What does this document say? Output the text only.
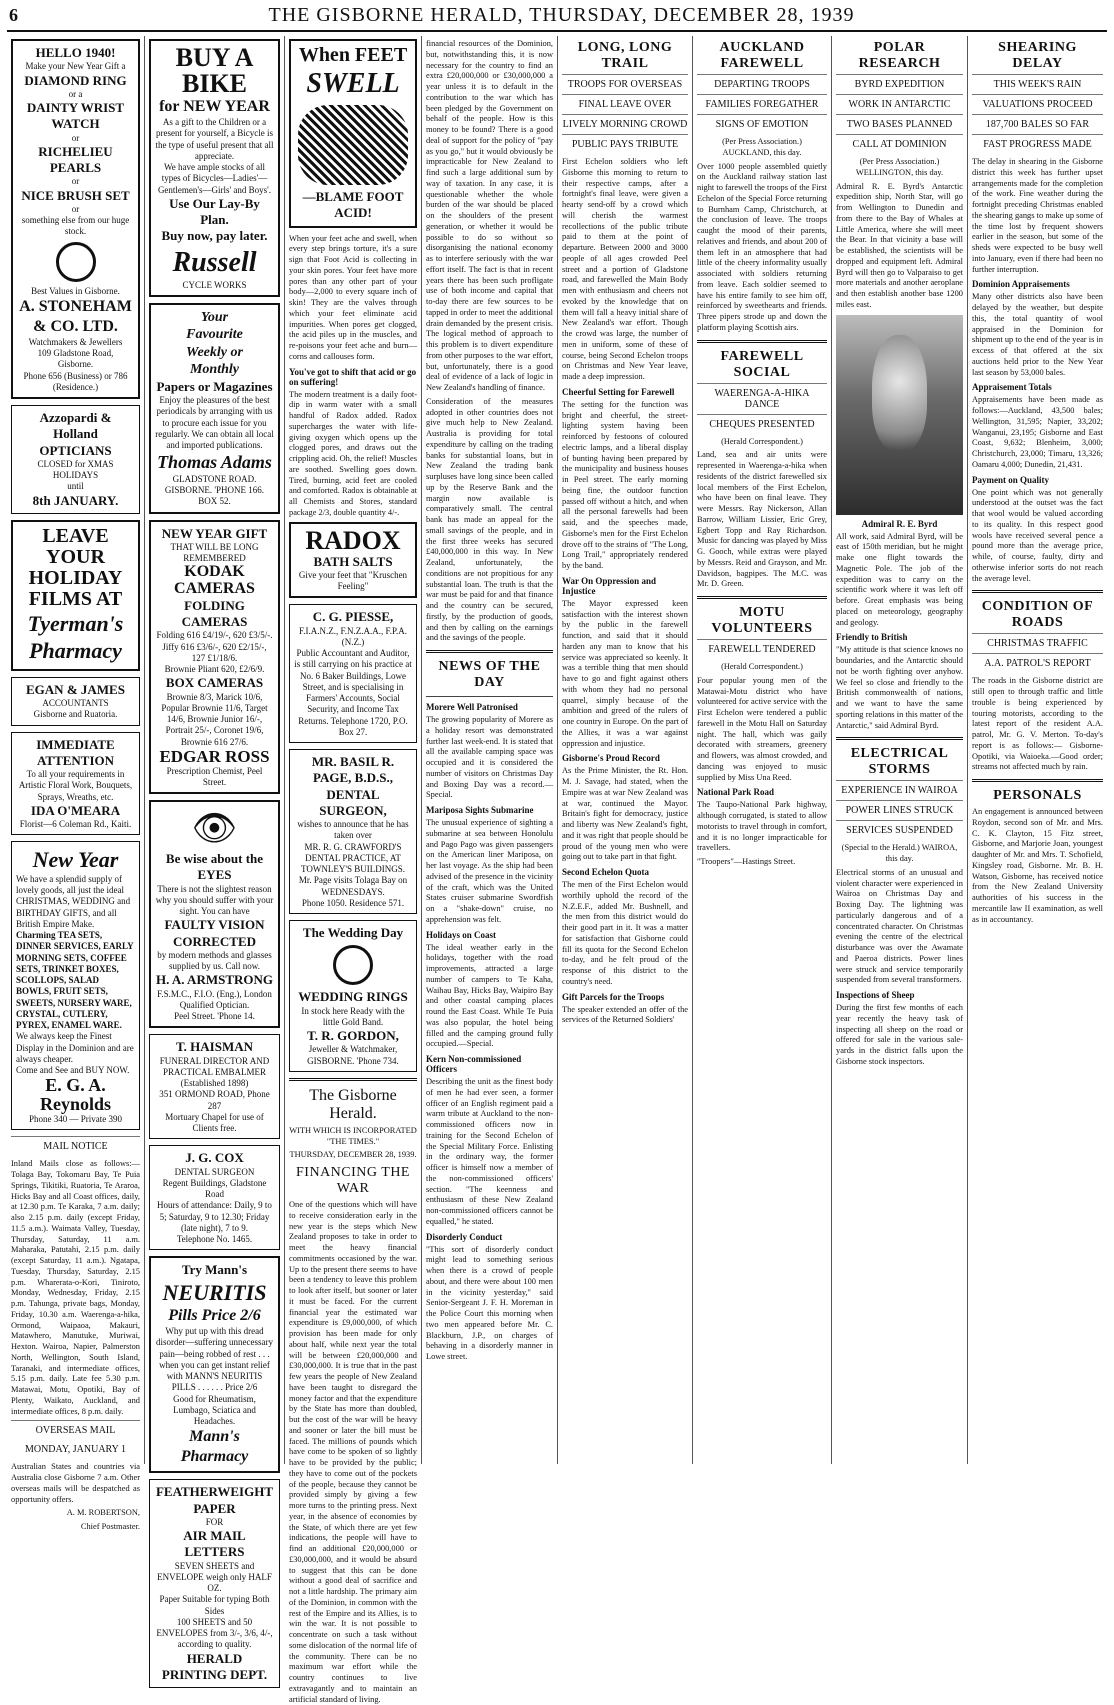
6	THE GISBORNE HERALD, THURSDAY, DECEMBER 28, 1939
HELLO 1940!
Make your New Year Gift a
DIAMOND RING
or a
DAINTY WRIST WATCH
or
RICHELIEU PEARLS
or
NICE BRUSH SET
or
something else from our huge stock.
Best Values in Gisborne.
A. STONEHAM & CO. LTD.
Watchmakers & Jewellers
109 Gladstone Road,
Gisborne.
Phone 656 (Business) or 786 (Residence.)
Azzopardi & Holland
OPTICIANS
CLOSED for XMAS HOLIDAYS
until
8th JANUARY.
LEAVE
YOUR
HOLIDAY
FILMS AT
Tyerman's
Pharmacy
EGAN & JAMES
ACCOUNTANTS
Gisborne and Ruatoria.
IMMEDIATE ATTENTION
To all your requirements in Artistic Floral Work, Bouquets, Sprays, Wreaths, etc.
IDA O'MEARA
Florist—6 Coleman Rd., Kaiti.
New Year
We have a splendid supply of lovely goods, all just the ideal CHRISTMAS, WEDDING and BIRTHDAY GIFTS, and all British Empire Make.
Charming TEA SETS, DINNER SERVICES, EARLY MORNING SETS, COFFEE SETS, TRINKET BOXES, SCOLLOPS, SALAD BOWLS, FRUIT SETS, SWEETS, NURSERY WARE, CRYSTAL, CUTLERY, PYREX, ENAMEL WARE.
We always keep the Finest Display in the Dominion and are always cheaper.
Come and See and BUY NOW.
E. G. A. Reynolds
Phone 340 — Private 390
MAIL NOTICE
Inland Mails close as follows:— Tolaga Bay, Tokomaru Bay, Te Puia Springs, Tikitiki, Ruatoria, Te Araroa, Hicks Bay and all Coast offices, daily, at 12.30 p.m. Te Karaka, 7 a.m. daily; also 2.15 p.m. daily (except Friday, 11.5 a.m.). Waimata Valley, Tuesday, Thursday, Saturday, 11 a.m. Maharaka, Patutahi, 2.15 p.m. daily (except Saturday, 11 a.m.). Ngatapa, Tuesday, Thursday, Saturday, 2.15 p.m. Wharerata-o-Kori, Tiniroto, Monday, Wednesday, Friday, 2.15 p.m. Tahunga, private bags, Monday, Friday, 10.30 a.m. Waerenga-a-hika, Ormond, Waipaoa, Makauri, Matawhero, Manutuke, Muriwai, Hexton. Wairoa, Napier, Palmerston North, Wellington, South Island, Taranaki, and intermediate offices, 5.15 p.m. daily. Late fee 5.30 p.m. Matawai, Motu, Opotiki, Bay of Plenty, Waikato, Auckland, and intermediate offices, 8 p.m. daily.
OVERSEAS MAIL
MONDAY, JANUARY 1
Australian States and countries via Australia close Gisborne 7 a.m. Other overseas mails will be despatched as opportunity offers.
A. M. ROBERTSON,
Chief Postmaster.
BUY A
BIKE
for NEW YEAR
As a gift to the Children or a present for yourself, a Bicycle is the type of useful present that all appreciate.
We have ample stocks of all types of Bicycles—Ladies'—Gentlemen's—Girls' and Boys'.
Use Our Lay-By Plan.
Buy now, pay later.
Russell
CYCLE WORKS
Your
Favourite
Weekly or
Monthly
Papers or Magazines
Enjoy the pleasures of the best periodicals by arranging with us to procure each issue for you regularly. We can obtain all local and imported publications.
Thomas Adams
GLADSTONE ROAD. GISBORNE. 'PHONE 166. BOX 52.
NEW YEAR GIFT
THAT WILL BE LONG REMEMBERED
KODAK CAMERAS
FOLDING CAMERAS
Folding 616 £4/19/-, 620 £3/5/-.
Jiffy 616 £3/6/-, 620 £2/15/-, 127 £1/18/6.
Brownie Pliant 620, £2/6/9.
BOX CAMERAS
Brownie 8/3, Marick 10/6, Popular Brownie 11/6, Target 14/6, Brownie Junior 16/-, Portrait 25/-, Coronet 19/6, Brownie 616 27/6.
EDGAR ROSS
Prescription Chemist, Peel Street.
👁
Be wise about the EYES
There is not the slightest reason why you should suffer with your sight. You can have
FAULTY VISION CORRECTED
by modern methods and glasses supplied by us. Call now.
H. A. ARMSTRONG
F.S.M.C., F.I.O. (Eng.), London Qualified Optician.
Peel Street. 'Phone 14.
T. HAISMAN
FUNERAL DIRECTOR AND PRACTICAL EMBALMER
(Established 1898)
351 ORMOND ROAD, Phone 287
Mortuary Chapel for use of Clients free.
J. G. COX
DENTAL SURGEON
Regent Buildings, Gladstone Road
Hours of attendance: Daily, 9 to 5; Saturday, 9 to 12.30; Friday (late night), 7 to 9.
Telephone No. 1465.
Try Mann's
NEURITIS
Pills Price 2/6
Why put up with this dread disorder—suffering unnecessary pain—being robbed of rest . . . when you can get instant relief with MANN'S NEURITIS PILLS . . . . . . Price 2/6
Good for Rheumatism, Lumbago, Sciatica and Headaches.
Mann's Pharmacy
FEATHERWEIGHT PAPER
FOR
AIR MAIL LETTERS
SEVEN SHEETS and ENVELOPE weigh only HALF OZ.
Paper Suitable for typing Both Sides
100 SHEETS and 50 ENVELOPES from 3/-, 3/6, 4/-, according to quality.
HERALD PRINTING DEPT.
When FEET
SWELL
—BLAME FOOT ACID!
When your feet ache and swell, when every step brings torture, it's a sure sign that Foot Acid is collecting in your skin pores. Your feet have more pores than any other part of your body—2,000 to every square inch of skin! They are the valves through which your feet eliminate acid impurities. When pores get clogged, the acid piles up in the muscles, and re-poisons your feet ache and burn—corns and callouses form.
You've got to shift that acid or go on suffering!
The modern treatment is a daily foot-dip in warm water with a small handful of Radox added. Radox supercharges the water with life-giving oxygen which opens up the clogged pores, and draws out the crippling acid. Oh, the relief! Muscles are soothed. Swelling goes down. Tired, burning, acid feet are cooled and comforted. Radox is obtainable at all Chemists and Stores, standard package 2/3, double quantity 4/-.
RADOX
BATH SALTS
Give your feet that "Kruschen Feeling"
C. G. PIESSE,
F.I.A.N.Z., F.N.Z.A.A., F.P.A. (N.Z.)
Public Accountant and Auditor, is still carrying on his practice at No. 6 Baker Buildings, Lowe Street, and is specialising in Farmers' Accounts, Social Security, and Income Tax Returns. Telephone 1720, P.O. Box 27.
MR. BASIL R. PAGE, B.D.S.,
DENTAL SURGEON,
wishes to announce that he has taken over
MR. R. G. CRAWFORD'S DENTAL PRACTICE, AT TOWNLEY'S BUILDINGS.
Mr. Page visits Tolaga Bay on WEDNESDAYS.
Phone 1050. Residence 571.
The Wedding Day
WEDDING RINGS
In stock here Ready with the little Gold Band.
T. R. GORDON,
Jeweller & Watchmaker, GISBORNE. 'Phone 734.
The Gisborne Herald.
WITH WHICH IS INCORPORATED "THE TIMES."
THURSDAY, DECEMBER 28, 1939.
FINANCING THE WAR
One of the questions which will have to receive consideration early in the new year is the steps which New Zealand proposes to take in order to meet the heavy financial commitments occasioned by the war. Up to the present there seems to have been a tendency to leave this problem to look after itself, but sooner or later it must be faced. For the current financial year the estimated war expenditure is £9,000,000, of which provision has been made for only about half, while next year the total will be between £20,000,000 and £30,000,000. It is true that in the past few years the people of New Zealand have been taught to disregard the money factor and that the expenditure by the State has more than doubled, but the cost of the war will be heavy and sooner or later the bill must be faced. The millions of pounds which have come to be spoken of so lightly have to be provided by the public; they have to come out of the pockets of the people, because they cannot be provided simply by giving a few more turns to the printing press. Next year, in the absence of economies by the State, of which there are yet few indications, the people will have to find an additional £20,000,000 or £30,000,000, and it would be absurd to suggest that this can be done without a good deal of sacrifice and not a little hardship. The primary aim of the Dominion, in common with the rest of the Empire and its Allies, is to win the war. It is not possible to concentrate on such a task without some dislocation of the normal life of the community. There can be no maximum war effort while the country continues to live extravagantly and to maintain an artificial standard of living.
financial resources of the Dominion, but, notwithstanding this, it is now necessary for the country to find an extra £20,000,000 or £30,000,000 a year unless it is to default in the contribution to the war which has been pledged by the Government on behalf of the people. How is this money to be found? There is a good deal of support for the policy of "pay as you go," but it would obviously be impracticable for New Zealand to find such a large additional sum by way of taxation. In any case, it is questionable whether the whole burden of the war should be placed on the shoulders of the present generation, or whether it would be possible to do so without so disorganising the national economy as to interfere seriously with the war effort itself. The fact is that in recent years there has been such profligate use of both income and capital that to-day there are few sources to be tapped in order to meet the additional drain demanded by the present crisis. The logical method of approach to this problem is to divert expenditure from other purposes to the war effort, but, unfortunately, there is a good deal of evidence of a lack of logic in New Zealand's handling of finance.
Consideration of the measures adopted in other countries does not give much help to New Zealand. Australia is providing for total expenditure by calling on the trading banks for substantial loans, but in New Zealand the trading bank surpluses have long since been called up by the Reserve Bank and the margin now available is comparatively small. The central bank has made an appeal for the small savings of the people, and in the first three weeks has secured £40,000,000 in this way. In New Zealand, unfortunately, the conditions are not propitious for any substantial loan. The truth is that the war must be paid for and that finance and the country can be secured, firstly, by the production of goods, and then by calling on the earnings and the savings of the people.
NEWS OF THE DAY
Morere Well Patronised
The growing popularity of Morere as a holiday resort was demonstrated further last week-end. It is stated that all the available camping space was occupied and it is considered the number of visitors on Christmas Day and Boxing Day was a record.—Special.
Mariposa Sights Submarine
The unusual experience of sighting a submarine at sea between Honolulu and Pago Pago was given passengers on the American liner Mariposa, on her last voyage. As the ship had been advised of the presence in the vicinity of the craft, which was the United States cruiser submarine Swordfish on a "shake-down" cruise, no apprehension was felt.
Holidays on Coast
The ideal weather early in the holidays, together with the road improvements, attracted a large number of campers to Te Kaha, Waihau Bay, Hicks Bay, Waipiro Bay and other coastal camping places round the East Coast. While Te Puia was also popular, the hotel being filled and the camping ground fully occupied.—Special.
Kern Non-commissioned Officers
Describing the unit as the finest body of men he had ever seen, a former officer of an English regiment paid a warm tribute at Auckland to the non-commissioned officers now in training for the Second Echelon of the Special Military Force. Enlisting in the ordinary way, the former officer is himself now a member of the non-commissioned officers' section. "The keenness and enthusiasm of these New Zealand non-commissioned officers cannot be equalled," he stated.
Disorderly Conduct
"This sort of disorderly conduct might lead to something serious when there is a crowd of people about, and there were about 100 men in the vicinity yesterday," said Senior-Sergeant J. F. H. Moreman in the Police Court this morning when two men appeared before Mr. C. Blackburn, J.P., on charges of behaving in a disorderly manner in Lowe street.
LONG, LONG TRAIL
TROOPS FOR OVERSEAS
FINAL LEAVE OVER
LIVELY MORNING CROWD
PUBLIC PAYS TRIBUTE
First Echelon soldiers who left Gisborne this morning to return to their respective camps, after a fortnight's final leave, were given a hearty send-off by a crowd which will cherish the warmest recollections of the public tribute paid to them at the point of departure. Between 2000 and 3000 people of all ages crowded Peel street and a portion of Gladstone road, and farewelled the Main Body men with enthusiasm and cheers not evoked by the knowledge that on them will fall a heavy initial share of New Zealand's war effort. Though the crowd was large, the number of men in uniform, some of these of course, being Second Echelon troops on Christmas and New Year leave, made a deep impression.
Cheerful Setting for Farewell
The setting for the function was bright and cheerful, the street-lighting system having been reinforced by festoons of coloured electric lamps, and a liberal display of bunting having been prepared by the municipality and business houses in Peel street. The early morning being fine, the outdoor function passed off without a hitch, and when all the personal farewells had been said, and the speeches made, Gisborne's men for the First Echelon drove off to the strains of "The Long, Long Trail," appropriately rendered by the band.
War On Oppression and Injustice
The Mayor expressed keen satisfaction with the interest shown by the public in the farewell function, and said that it should harden any man to know that his service was appreciated so keenly. It was a terrible thing that men should have to go and fight against others with whom they had no personal quarrel, simply because of the ambition and greed of the rulers of one country in Europe. On the part of the Allies, it was a war against oppression and injustice.
Gisborne's Proud Record
As the Prime Minister, the Rt. Hon. M. J. Savage, had stated, when the Empire was at war New Zealand was at war, continued the Mayor. Britain's fight for democracy, justice and liberty was New Zealand's fight, and it was right that people should be proud of the young men who were going out to take part in that fight.
Second Echelon Quota
The men of the First Echelon would worthily uphold the record of the N.Z.E.F., added Mr. Bushnell, and the men from this district would do their good part in it. It was a matter for satisfaction that Gisborne could fill its quota for the Second Echelon to-day, and he felt proud of the response of this district to the country's need.
Gift Parcels for the Troops
The speaker extended an offer of the services of the Returned Soldiers'
AUCKLAND FAREWELL
DEPARTING TROOPS
FAMILIES FOREGATHER
SIGNS OF EMOTION
(Per Press Association.) AUCKLAND, this day.
Over 1000 people assembled quietly on the Auckland railway station last night to farewell the troops of the First Echelon of the Special Force returning to Burnham Camp, Christchurch, at the conclusion of leave. The troops caught the mood of their parents, relatives and friends, and about 200 of them left in an atmosphere that had little of the cheery informality usually associated with soldiers returning from leave. Each soldier seemed to have his entire family to see him off, reinforced by sweethearts and friends. Three pipers strode up and down the platform playing Scottish airs.
FAREWELL SOCIAL
WAERENGA-A-HIKA DANCE
CHEQUES PRESENTED
(Herald Correspondent.)
Land, sea and air units were represented in Waerenga-a-hika when residents of the district farewelled six local members of the First Echelon, who have been on final leave. They were Messrs. Ray Nickerson, Allan Barrow, William Lissier, Eric Grey, Egbert Topp and Ray Richardson. Music for dancing was played by Miss G. Gooch, while extras were played by Messrs. Reid and Grayson, and Mr. Davidson, bagpipes. The M.C. was Mr. D. Green.
MOTU VOLUNTEERS
FAREWELL TENDERED
(Herald Correspondent.)
Four popular young men of the Matawai-Motu district who have volunteered for active service with the First Echelon were tendered a public farewell in the Motu Hall on Saturday night. The hall, which was gaily decorated with streamers, greenery and flowers, was almost crowded, and dancing was enjoyed to music supplied by Miss Una Reed.
National Park Road
The Taupo-National Park highway, although corrugated, is stated to allow motorists to travel through in comfort, and it is no longer impracticable for travellers.
"Troopers"—Hastings Street.
POLAR RESEARCH
BYRD EXPEDITION
WORK IN ANTARCTIC
TWO BASES PLANNED
CALL AT DOMINION
(Per Press Association.) WELLINGTON, this day.
Admiral R. E. Byrd's Antarctic expedition ship, North Star, will go from Wellington to Dunedin and from there to the Bay of Whales at Little America, where she will meet the Bear. In that vicinity a base will be established, the scientists will be dropped and equipment left. Admiral Byrd will then go to Valparaiso to get more materials and another aeroplane and then establish another base 1200 miles east.
Admiral R. E. Byrd
All work, said Admiral Byrd, will be east of 150th meridian, but he might make one flight towards the Magnetic Pole. The job of the expedition was to carry on the scientific work where it was left off before. Great emphasis was being placed on meteorology, geography and geology.
Friendly to British
"My attitude is that science knows no boundaries, and the Antarctic should not be worth fighting over anyhow. We feel so close and friendly to the British commonwealth of nations, and we want to have the same sporting relations in this matter of the Antarctic," said Admiral Byrd.
ELECTRICAL STORMS
EXPERIENCE IN WAIROA
POWER LINES STRUCK
SERVICES SUSPENDED
(Special to the Herald.) WAIROA, this day.
Electrical storms of an unusual and violent character were experienced in Wairoa on Christmas Day and Boxing Day. The lightning was particularly dangerous and of a concentrated character. On Christmas evening the centre of the electrical disturbance was over the Awamate and Paeroa districts. Power lines were struck and service temporarily suspended from several transformers.
Inspections of Sheep
During the first few months of each year recently the heavy task of inspecting all sheep on the road or offered for sale in the various sale-yards in the district falls upon the Gisborne stock inspectors.
SHEARING DELAY
THIS WEEK'S RAIN
VALUATIONS PROCEED
187,700 BALES SO FAR
FAST PROGRESS MADE
The delay in shearing in the Gisborne district this week has further upset arrangements made for the completion of the work. Fine weather during the fortnight preceding Christmas enabled the shearing gangs to make up some of the time lost by frequent showers earlier in the season, but some of the sheds were expected to be busy well into January, even if there had been no further interruption.
Dominion Appraisements
Many other districts also have been delayed by the weather, but despite this, the total quantity of wool appraised in the Dominion for shipment up to the end of the year is in excess of that offered at the six auctions held prior to the New Year last season by 53,000 bales.
Appraisement Totals
Appraisements have been made as follows:—Auckland, 43,500 bales; Wellington, 31,595; Napier, 33,202; Wanganui, 23,195; Gisborne and East Coast, 9,632; Blenheim, 3,000; Christchurch, 23,000; Timaru, 13,326; Oamaru 4,000; Dunedin, 21,431.
Payment on Quality
One point which was not generally understood at the outset was the fact that wool would be valued according to its quality. In this respect good wools have received several pence a pound more than the average price, while, of course, faulty, dirty and otherwise inferior sorts do not reach the average level.
CONDITION OF ROADS
CHRISTMAS TRAFFIC
A.A. PATROL'S REPORT
The roads in the Gisborne district are still open to through traffic and little trouble is being experienced by touring motorists, according to the latest report of the resident A.A. patrol, Mr. G. V. Merton. To-day's report is as follows:— Gisborne-Opotiki, via Waioeka.—Good order; streams not affected much by rain.
PERSONALS
An engagement is announced between Roydon, second son of Mr. and Mrs. C. K. Clayton, 15 Fitz street, Gisborne, and Marjorie Joan, youngest daughter of Mr. and Mrs. T. Schofield, Kingsley road, Gisborne. Mr. B. H. Watson, Gisborne, has received notice from the New Zealand University authorities of his success in the mercantile law II examination, as well as in accountancy.
